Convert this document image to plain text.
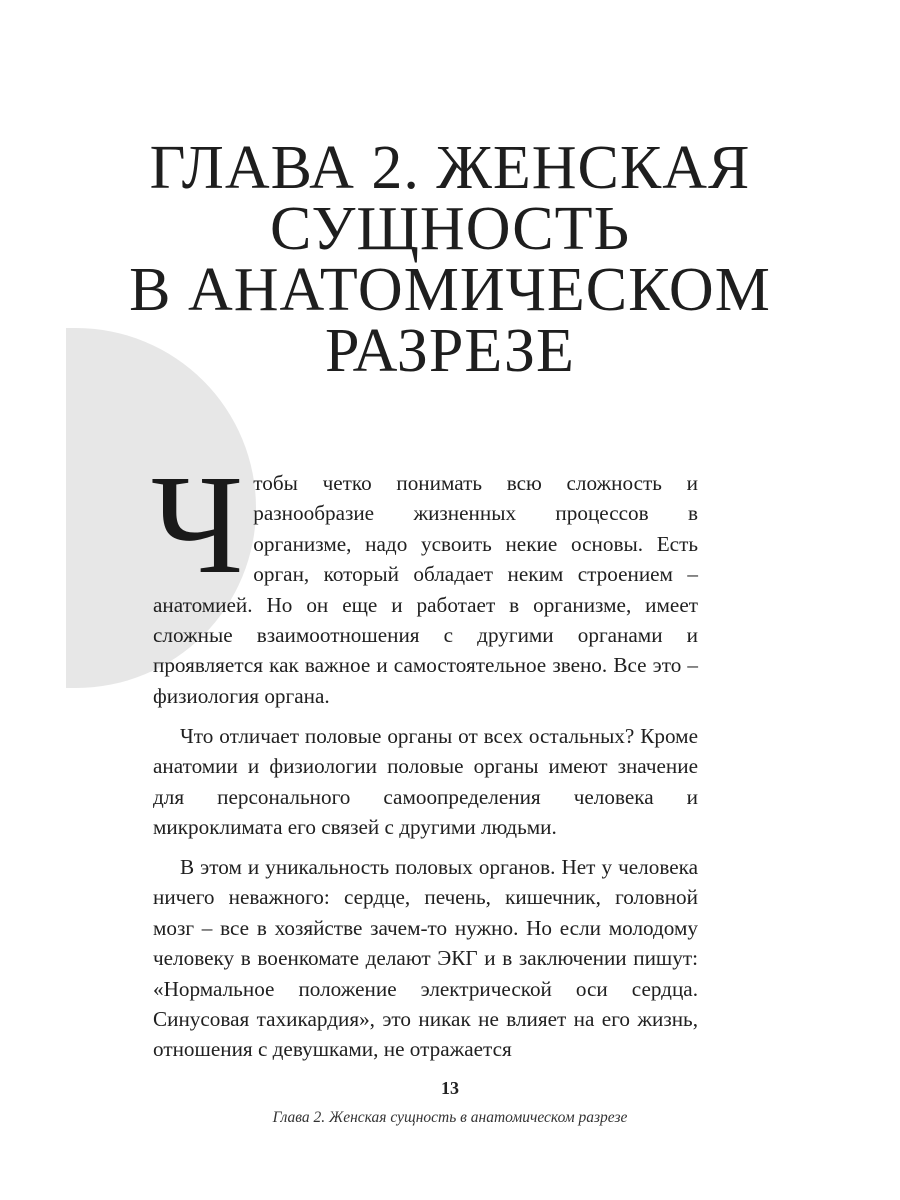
ГЛАВА 2. ЖЕНСКАЯ
СУЩНОСТЬ
В АНАТОМИЧЕСКОМ
РАЗРЕЗЕ

Чтобы четко понимать всю сложность и разнообразие жизненных процессов в организме, надо усвоить некие основы. Есть орган, который обладает неким строением – анатомией. Но он еще и работает в организме, имеет сложные взаимоотношения с другими органами и проявляется как важное и самостоятельное звено. Все это – физиология органа.

Что отличает половые органы от всех остальных? Кроме анатомии и физиологии половые органы имеют значение для персонального самоопределения человека и микроклимата его связей с другими людьми.

В этом и уникальность половых органов. Нет у человека ничего неважного: сердце, печень, кишечник, головной мозг – все в хозяйстве зачем-то нужно. Но если молодому человеку в военкомате делают ЭКГ и в заключении пишут: «Нормальное положение электрической оси сердца. Синусовая тахикардия», это никак не влияет на его жизнь, отношения с девушками, не отражается

13
Глава 2. Женская сущность в анатомическом разрезе
